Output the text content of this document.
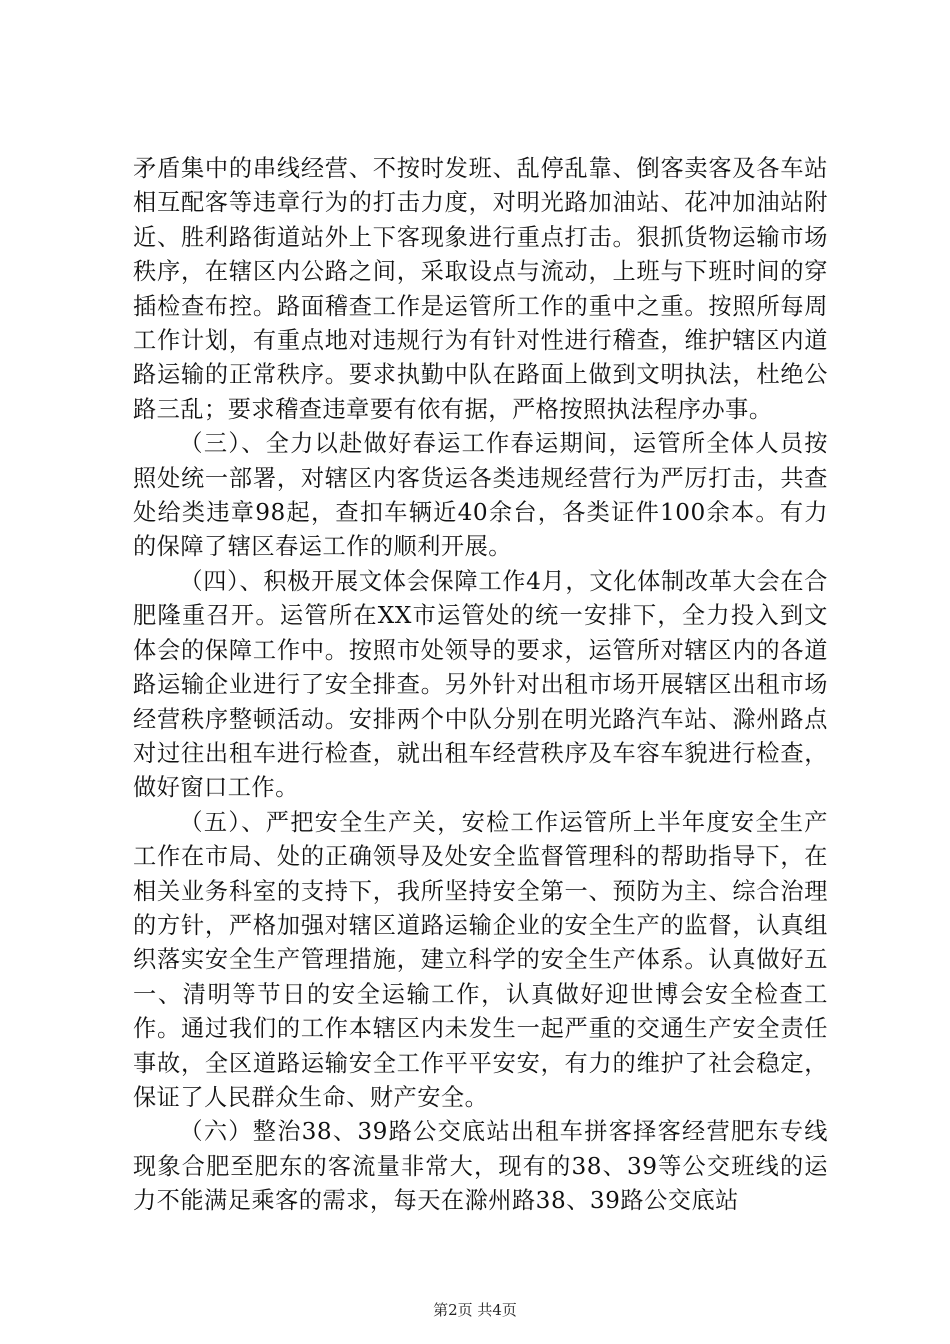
矛盾集中的串线经营、不按时发班、乱停乱靠、倒客卖客及各车站相互配客等违章行为的打击力度，对明光路加油站、花冲加油站附近、胜利路街道站外上下客现象进行重点打击。狠抓货物运输市场秩序，在辖区内公路之间，采取设点与流动，上班与下班时间的穿插检查布控。路面稽查工作是运管所工作的重中之重。按照所每周工作计划，有重点地对违规行为有针对性进行稽查，维护辖区内道路运输的正常秩序。要求执勤中队在路面上做到文明执法，杜绝公路三乱；要求稽查违章要有依有据，严格按照执法程序办事。

（三）、全力以赴做好春运工作春运期间，运管所全体人员按照处统一部署，对辖区内客货运各类违规经营行为严厉打击，共查处给类违章98起，查扣车辆近40余台，各类证件100余本。有力的保障了辖区春运工作的顺利开展。

（四）、积极开展文体会保障工作4月，文化体制改革大会在合肥隆重召开。运管所在XX市运管处的统一安排下，全力投入到文体会的保障工作中。按照市处领导的要求，运管所对辖区内的各道路运输企业进行了安全排查。另外针对出租市场开展辖区出租市场经营秩序整顿活动。安排两个中队分别在明光路汽车站、滁州路点对过往出租车进行检查，就出租车经营秩序及车容车貌进行检查，做好窗口工作。

（五）、严把安全生产关，安检工作运管所上半年度安全生产工作在市局、处的正确领导及处安全监督管理科的帮助指导下，在相关业务科室的支持下，我所坚持安全第一、预防为主、综合治理的方针，严格加强对辖区道路运输企业的安全生产的监督，认真组织落实安全生产管理措施，建立科学的安全生产体系。认真做好五一、清明等节日的安全运输工作，认真做好迎世博会安全检查工作。通过我们的工作本辖区内未发生一起严重的交通生产安全责任事故，全区道路运输安全工作平平安安，有力的维护了社会稳定，保证了人民群众生命、财产安全。

（六）整治38、39路公交底站出租车拼客择客经营肥东专线现象合肥至肥东的客流量非常大，现有的38、39等公交班线的运力不能满足乘客的需求，每天在滁州路38、39路公交底站

第2页 共4页
